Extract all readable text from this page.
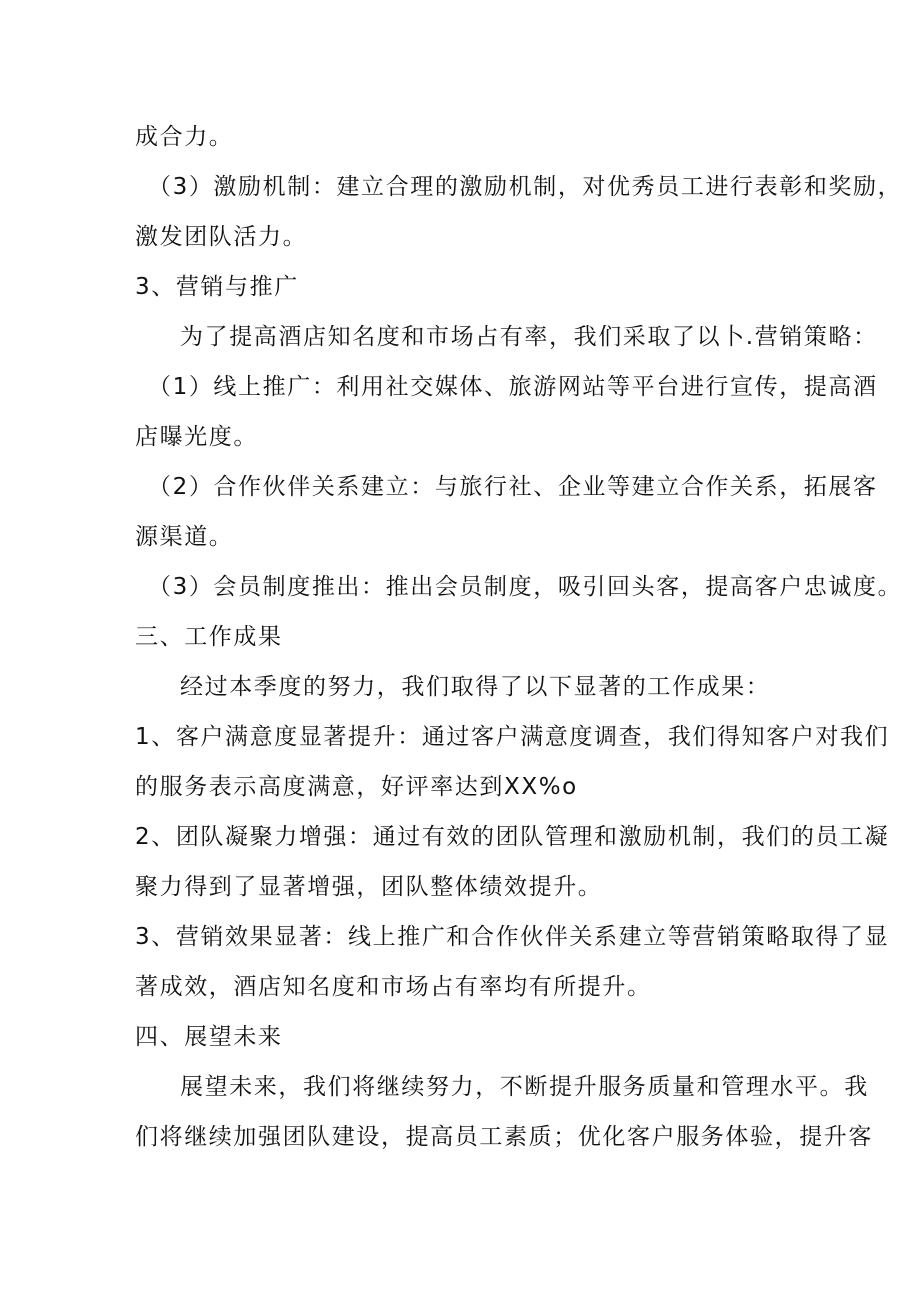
成合力。
（3）激励机制：建立合理的激励机制，对优秀员工进行表彰和奖励，
激发团队活力。
3、营销与推广
为了提高酒店知名度和市场占有率，我们采取了以卜.营销策略：
（1）线上推广：利用社交媒体、旅游网站等平台进行宣传，提高酒
店曝光度。
（2）合作伙伴关系建立：与旅行社、企业等建立合作关系，拓展客
源渠道。
（3）会员制度推出：推出会员制度，吸引回头客，提高客户忠诚度。
三、工作成果
经过本季度的努力，我们取得了以下显著的工作成果：
1、客户满意度显著提升：通过客户满意度调查，我们得知客户对我们
的服务表示高度满意，好评率达到XX%o
2、团队凝聚力增强：通过有效的团队管理和激励机制，我们的员工凝
聚力得到了显著增强，团队整体绩效提升。
3、营销效果显著：线上推广和合作伙伴关系建立等营销策略取得了显
著成效，酒店知名度和市场占有率均有所提升。
四、展望未来
展望未来，我们将继续努力，不断提升服务质量和管理水平。我
们将继续加强团队建设，提高员工素质；优化客户服务体验，提升客
